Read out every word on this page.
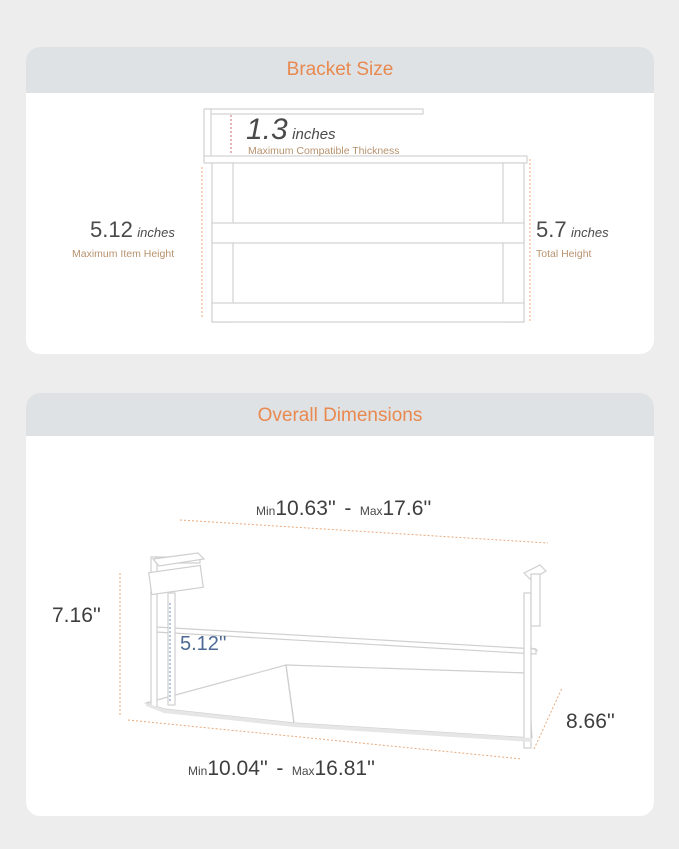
Bracket Size
1.3 inches
Maximum Compatible Thickness
5.12 inches
Maximum Item Height
5.7 inches
Total Height
Overall Dimensions
Min10.63'' - Max17.6''
7.16''
5.12''
8.66''
Min10.04'' - Max16.81''
